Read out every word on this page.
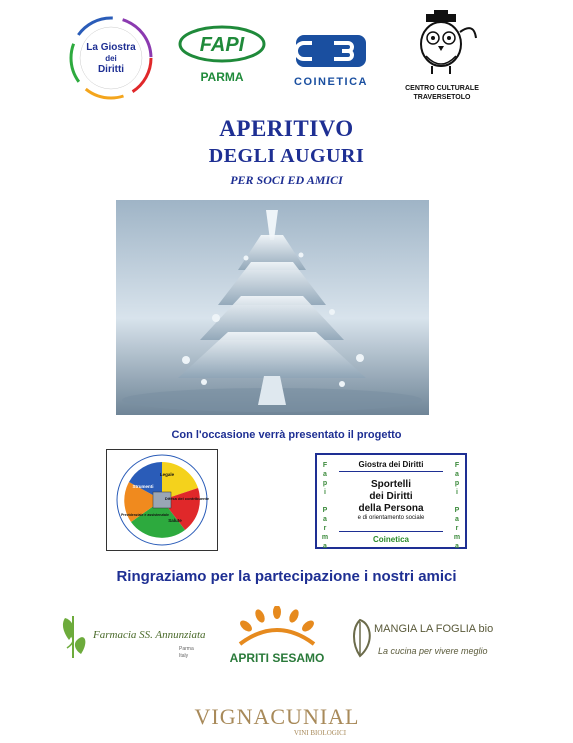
La Giostra
dei
Diritti
FAPI
PARMA	COINETICA
CENTRO CULTURALE
TRAVERSETOLO
APERITIVO
DEGLI AUGURI
PER SOCI ED AMICI
Con l'occasione verrà presentato il progetto
Legale
Difesa del contribuente
Salute
Previdenziale e assistenziale
Strumenti
F
a
p
i

P
a
r
m
a
F
a
p
i

P
a
r
m
a
Giostra dei Diritti
Sportelli
dei Diritti
della Persona
e di orientamento sociale
Coinetica
Ringraziamo per la partecipazione i nostri amici
Farmacia SS. Annunziata
Parma
Italy	APRITI SESAMO
MANGIA LA FOGLIA bio
La cucina per vivere meglio
VIGNACUNIAL
VINI BIOLOGICI
